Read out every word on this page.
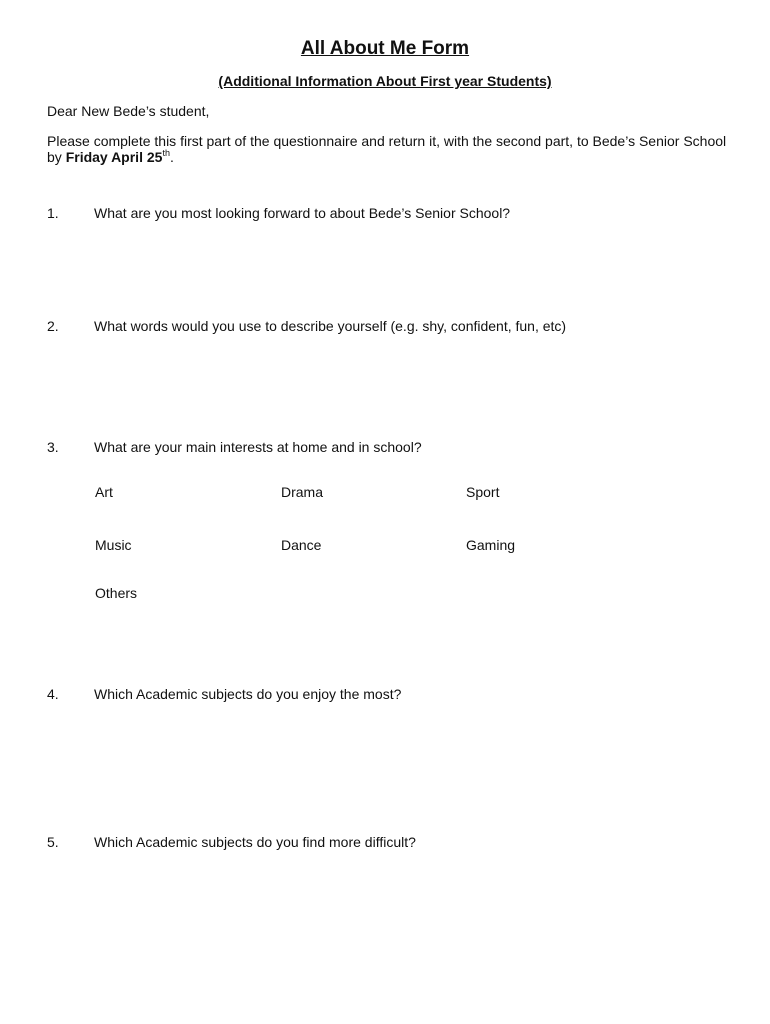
All About Me Form
(Additional Information About First year Students)
Dear New Bede’s student,
Please complete this first part of the questionnaire and return it, with the second part, to Bede’s Senior School by Friday April 25th.
1.	What are you most looking forward to about Bede’s Senior School?
2.	What words would you use to describe yourself (e.g. shy, confident, fun, etc)
3.	What are your main interests at home and in school?
Art	Drama	Sport
Music	Dance	Gaming
Others
4.	Which Academic subjects do you enjoy the most?
5.	Which Academic subjects do you find more difficult?
